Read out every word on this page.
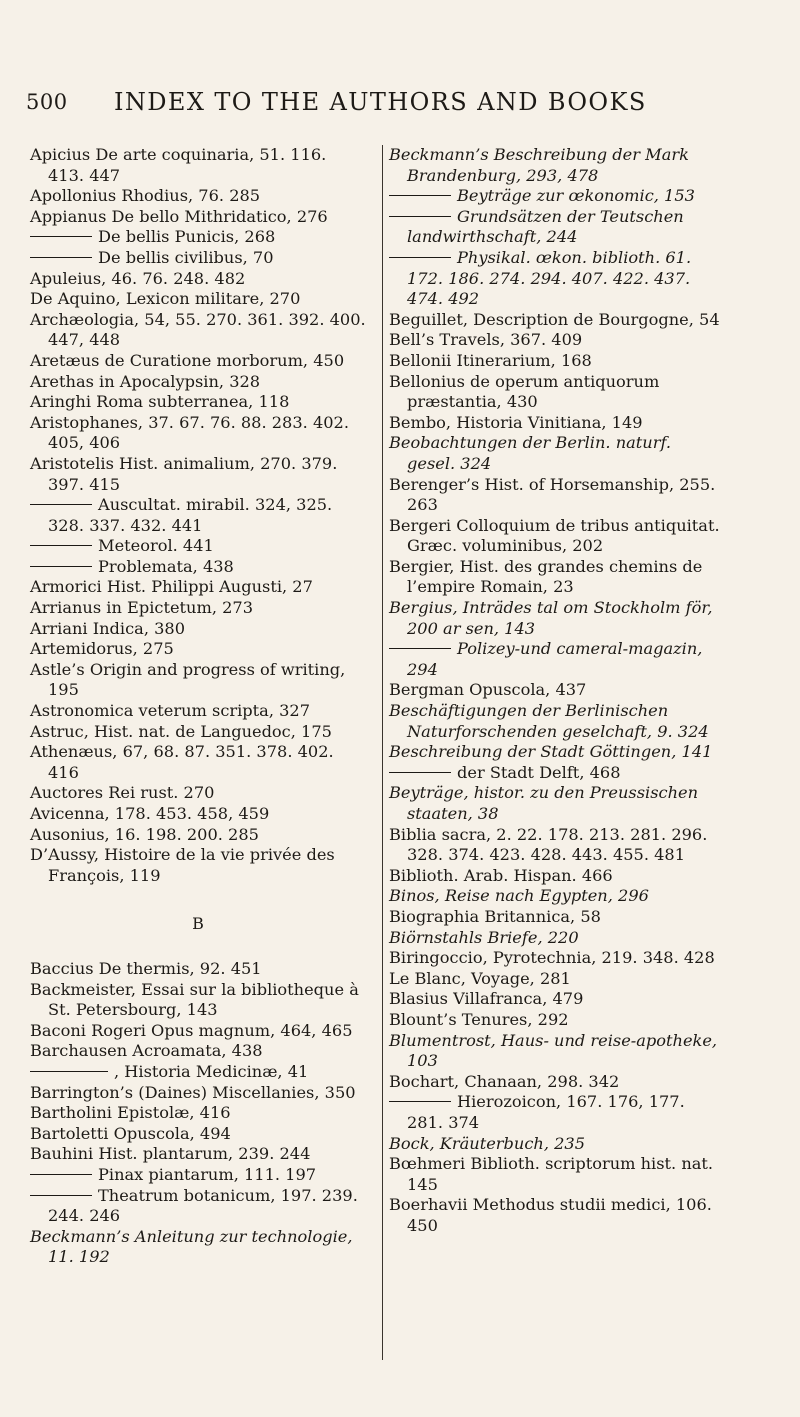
500 INDEX TO THE AUTHORS AND BOOKS

Apicius De arte coquinaria, 51. 116. 413. 447

Apollonius Rhodius, 76. 285

Appianus De bello Mithridatico, 276

De bellis Punicis, 268

De bellis civilibus, 70

Apuleius, 46. 76. 248. 482

De Aquino, Lexicon militare, 270

Archæologia, 54, 55. 270. 361. 392. 400. 447, 448

Aretæus de Curatione morborum, 450

Arethas in Apocalypsin, 328

Aringhi Roma subterranea, 118

Aristophanes, 37. 67. 76. 88. 283. 402. 405, 406

Aristotelis Hist. animalium, 270. 379. 397. 415

Auscultat. mirabil. 324, 325. 328. 337. 432. 441

Meteorol. 441

Problemata, 438

Armorici Hist. Philippi Augusti, 27

Arrianus in Epictetum, 273

Arriani Indica, 380

Artemidorus, 275

Astle’s Origin and progress of writing, 195

Astronomica veterum scripta, 327

Astruc, Hist. nat. de Languedoc, 175

Athenæus, 67, 68. 87. 351. 378. 402. 416

Auctores Rei rust. 270

Avicenna, 178. 453. 458, 459

Ausonius, 16. 198. 200. 285

D’Aussy, Histoire de la vie privée des François, 119

B

Baccius De thermis, 92. 451

Backmeister, Essai sur la bibliotheque à St. Petersbourg, 143

Baconi Rogeri Opus magnum, 464, 465

Barchausen Acroamata, 438

, Historia Medicinæ, 41

Barrington’s (Daines) Miscellanies, 350

Bartholini Epistolæ, 416

Bartoletti Opuscola, 494

Bauhini Hist. plantarum, 239. 244

Pinax piantarum, 111. 197

Theatrum botanicum, 197. 239. 244. 246

Beckmann’s Anleitung zur technologie, 11. 192

Beckmann’s Beschreibung der Mark Brandenburg, 293, 478

Beyträge zur œkonomic, 153

Grundsätzen der Teutschen landwirthschaft, 244

Physikal. œkon. biblioth. 61. 172. 186. 274. 294. 407. 422. 437. 474. 492

Beguillet, Description de Bourgogne, 54

Bell’s Travels, 367. 409

Bellonii Itinerarium, 168

Bellonius de operum antiquorum præstantia, 430

Bembo, Historia Vinitiana, 149

Beobachtungen der Berlin. naturf. gesel. 324

Berenger’s Hist. of Horsemanship, 255. 263

Bergeri Colloquium de tribus antiquitat. Græc. voluminibus, 202

Bergier, Hist. des grandes chemins de l’empire Romain, 23

Bergius, Inträdes tal om Stockholm för, 200 ar sen, 143

Polizey-und cameral-magazin, 294

Bergman Opuscola, 437

Beschäftigungen der Berlinischen Naturforschenden geselchaft, 9. 324

Beschreibung der Stadt Göttingen, 141

der Stadt Delft, 468

Beyträge, histor. zu den Preussischen staaten, 38

Biblia sacra, 2. 22. 178. 213. 281. 296. 328. 374. 423. 428. 443. 455. 481

Biblioth. Arab. Hispan. 466

Binos, Reise nach Egypten, 296

Biographia Britannica, 58

Biörnstahls Briefe, 220

Biringoccio, Pyrotechnia, 219. 348. 428

Le Blanc, Voyage, 281

Blasius Villafranca, 479

Blount’s Tenures, 292

Blumentrost, Haus- und reise-apotheke, 103

Bochart, Chanaan, 298. 342

Hierozoicon, 167. 176, 177. 281. 374

Bock, Kräuterbuch, 235

Bœhmeri Biblioth. scriptorum hist. nat. 145

Boerhavii Methodus studii medici, 106. 450
